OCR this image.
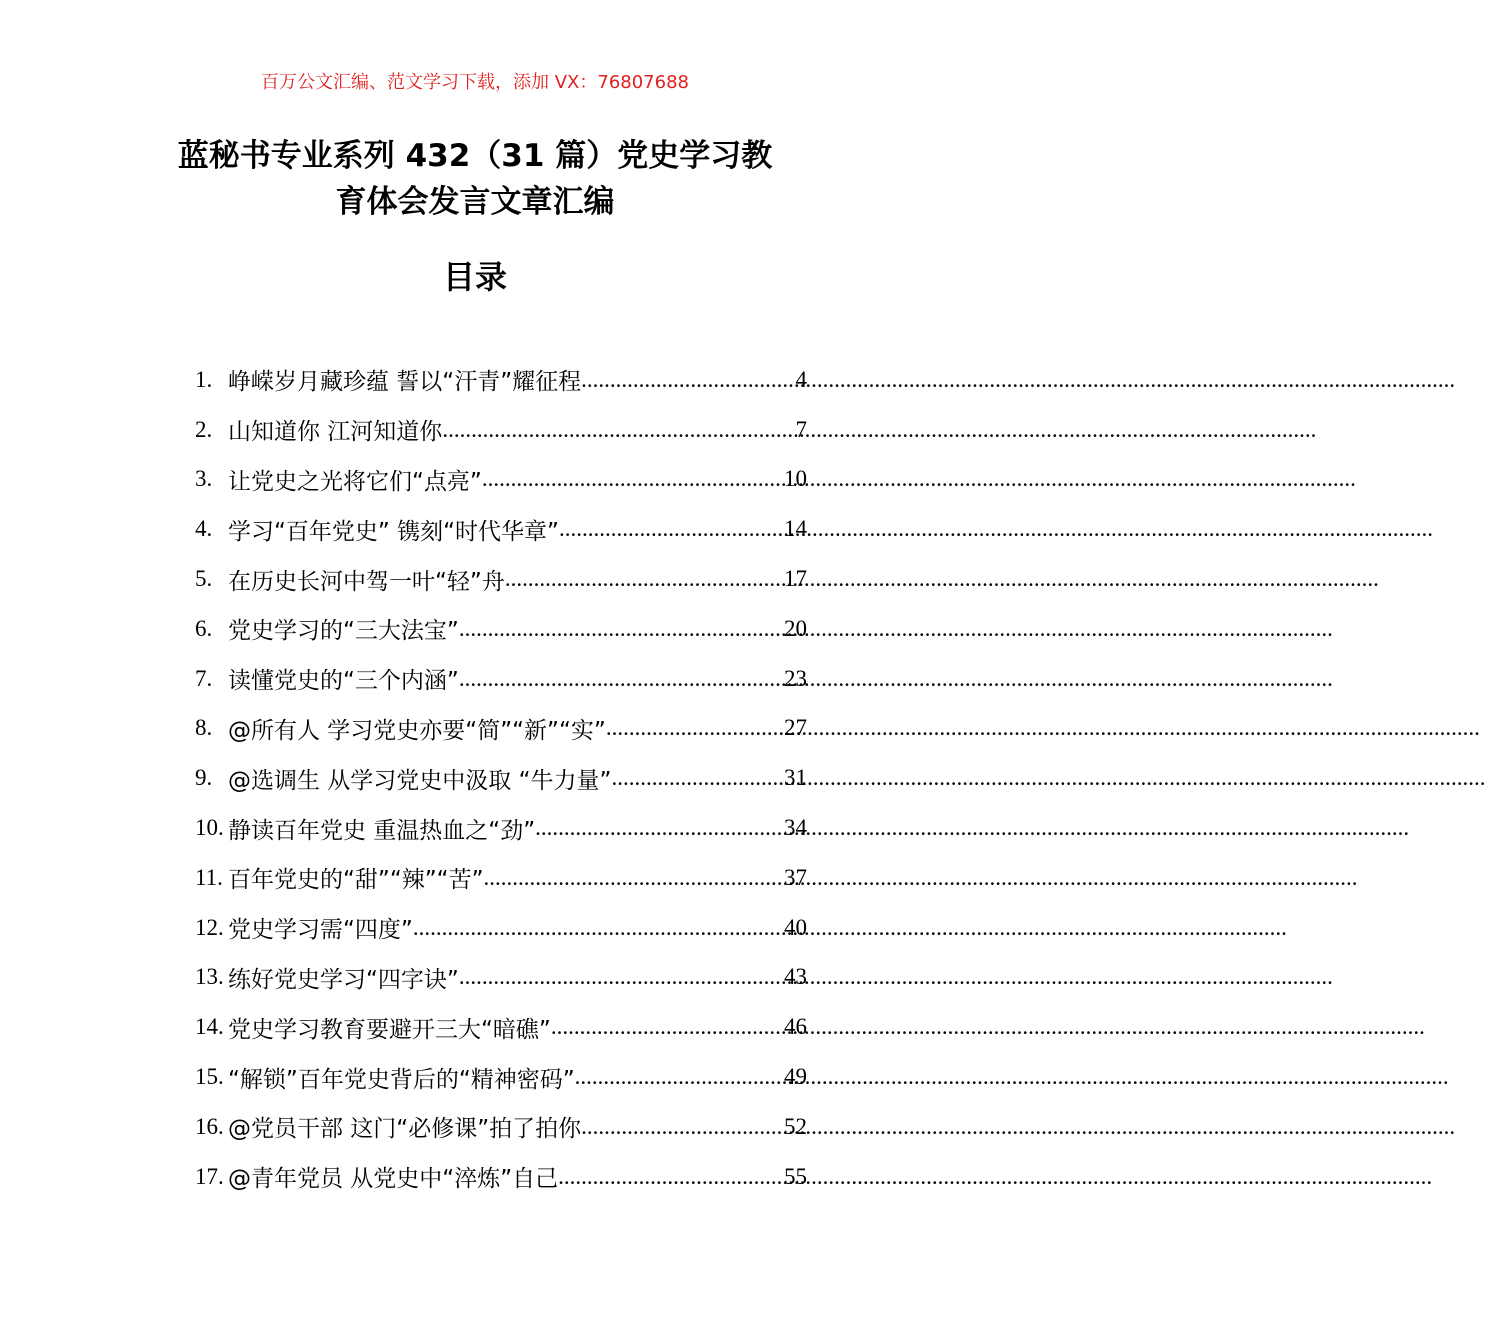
百万公文汇编、范文学习下载，添加 VX：76807688
蓝秘书专业系列 432（31 篇）党史学习教
育体会发言文章汇编
目录
1. 峥嵘岁月藏珍蕴 誓以“汗青”耀征程 .....	4
2. 山知道你 江河知道你 .....	7
3. 让党史之光将它们“点亮” .....	10
4. 学习“百年党史” 镌刻“时代华章” .....	14
5. 在历史长河中驾一叶“轻”舟 .....	17
6. 党史学习的“三大法宝” .....	20
7. 读懂党史的“三个内涵” .....	23
8. @所有人 学习党史亦要“简”“新”“实” .....	27
9. @选调生 从学习党史中汲取 “牛力量” .....	31
10. 静读百年党史 重温热血之“劲” .....	34
11. 百年党史的“甜”“辣”“苦” .....	37
12. 党史学习需“四度” .....	40
13. 练好党史学习“四字诀” .....	43
14. 党史学习教育要避开三大“暗礁” .....	46
15. “解锁”百年党史背后的“精神密码” .....	49
16. @党员干部 这门“必修课”拍了拍你 .....	52
17. @青年党员 从党史中“淬炼”自己 .....	55
